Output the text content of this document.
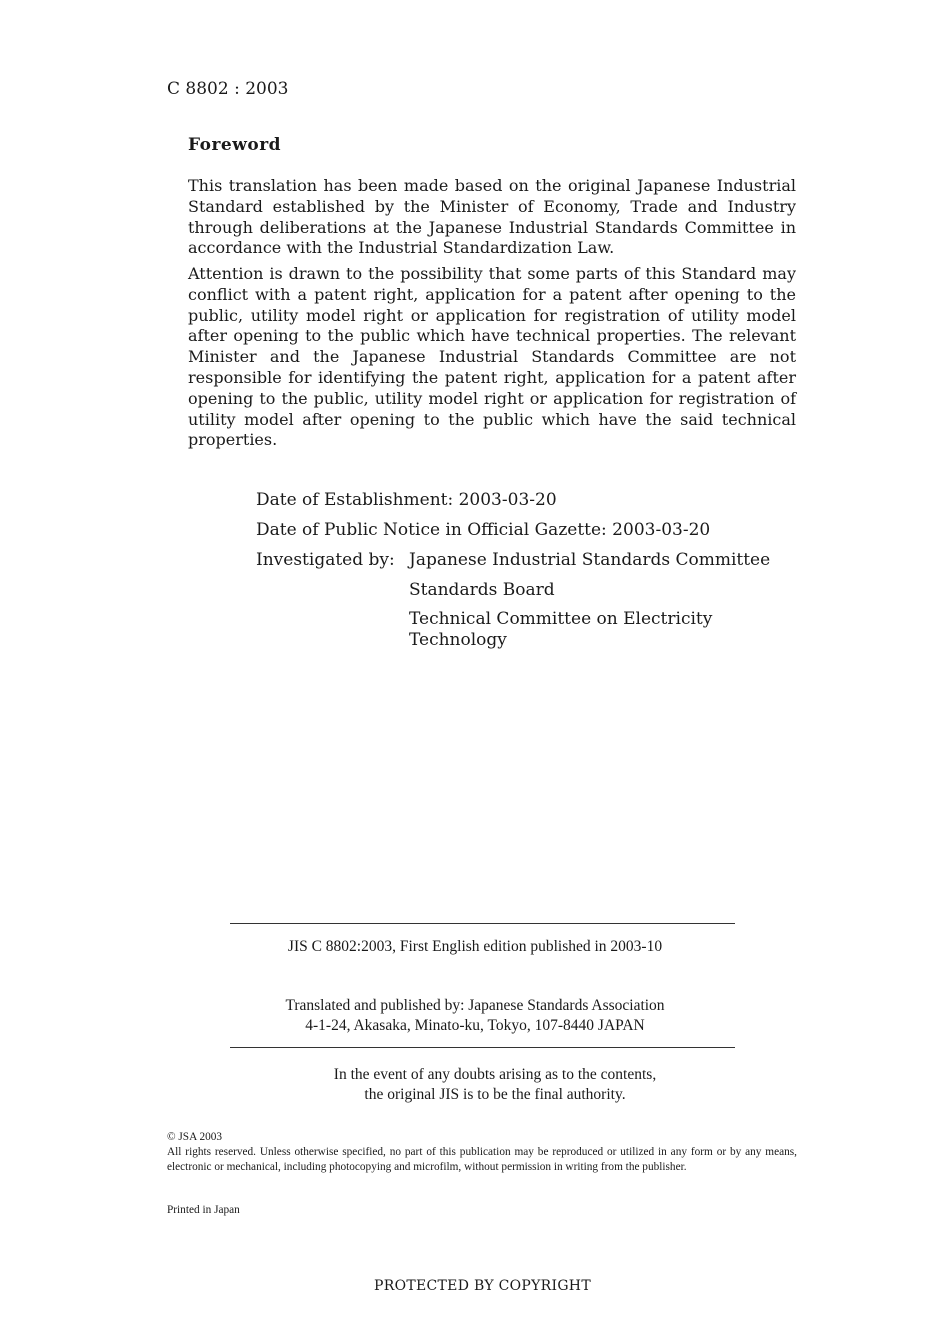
C 8802 : 2003
Foreword

This translation has been made based on the original Japanese Industrial Standard established by the Minister of Economy, Trade and Industry through deliberations at the Japanese Industrial Standards Committee in accordance with the Industrial Standardization Law.

Attention is drawn to the possibility that some parts of this Standard may conflict with a patent right, application for a patent after opening to the public, utility model right or application for registration of utility model after opening to the public which have technical properties. The relevant Minister and the Japanese Industrial Standards Committee are not responsible for identifying the patent right, application for a patent after opening to the public, utility model right or application for registration of utility model after opening to the public which have the said technical properties.

Date of Establishment: 2003-03-20
Date of Public Notice in Official Gazette: 2003-03-20
Investigated by: Japanese Industrial Standards Committee
Standards Board
Technical Committee on Electricity Technology
JIS C 8802:2003, First English edition published in 2003-10
Translated and published by: Japanese Standards Association
4-1-24, Akasaka, Minato-ku, Tokyo, 107-8440 JAPAN
In the event of any doubts arising as to the contents,
the original JIS is to be the final authority.
© JSA 2003
All rights reserved. Unless otherwise specified, no part of this publication may be reproduced or utilized in any form or by any means, electronic or mechanical, including photocopying and microfilm, without permission in writing from the publisher.
Printed in Japan
PROTECTED BY COPYRIGHT
